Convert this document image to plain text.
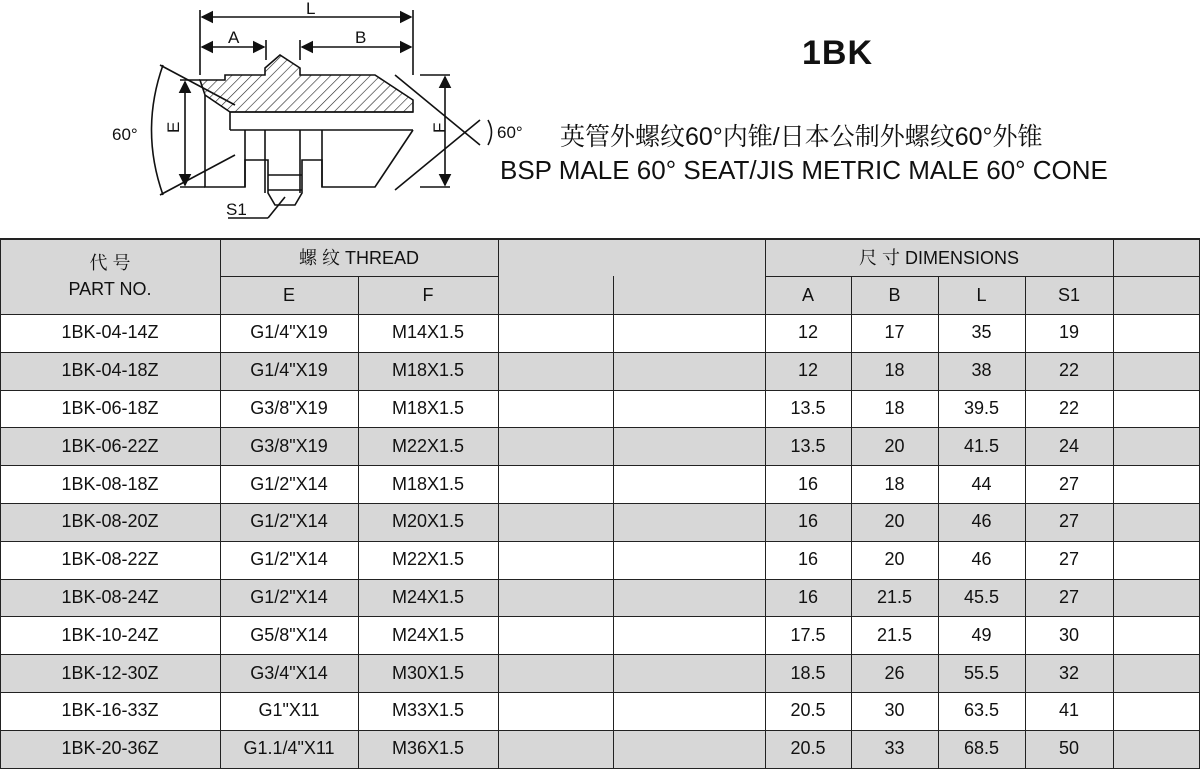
L
A	B
E	F
S1
60°	60°
1BK
英管外螺纹60°内锥/日本公制外螺纹60°外锥
BSP MALE 60° SEAT/JIS METRIC MALE 60° CONE
代 号
PART NO.
螺 纹 THREAD	尺 寸 DIMENSIONS
E	F	A	B	L	S1
1BK-04-14Z	G1/4"X19	M14X1.5	12	17	35	19
1BK-04-18Z	G1/4"X19	M18X1.5	12	18	38	22
1BK-06-18Z	G3/8"X19	M18X1.5	13.5	18	39.5	22
1BK-06-22Z	G3/8"X19	M22X1.5	13.5	20	41.5	24
1BK-08-18Z	G1/2"X14	M18X1.5	16	18	44	27
1BK-08-20Z	G1/2"X14	M20X1.5	16	20	46	27
1BK-08-22Z	G1/2"X14	M22X1.5	16	20	46	27
1BK-08-24Z	G1/2"X14	M24X1.5	16	21.5	45.5	27
1BK-10-24Z	G5/8"X14	M24X1.5	17.5	21.5	49	30
1BK-12-30Z	G3/4"X14	M30X1.5	18.5	26	55.5	32
1BK-16-33Z	G1"X11	M33X1.5	20.5	30	63.5	41
1BK-20-36Z	G1.1/4"X11	M36X1.5	20.5	33	68.5	50
